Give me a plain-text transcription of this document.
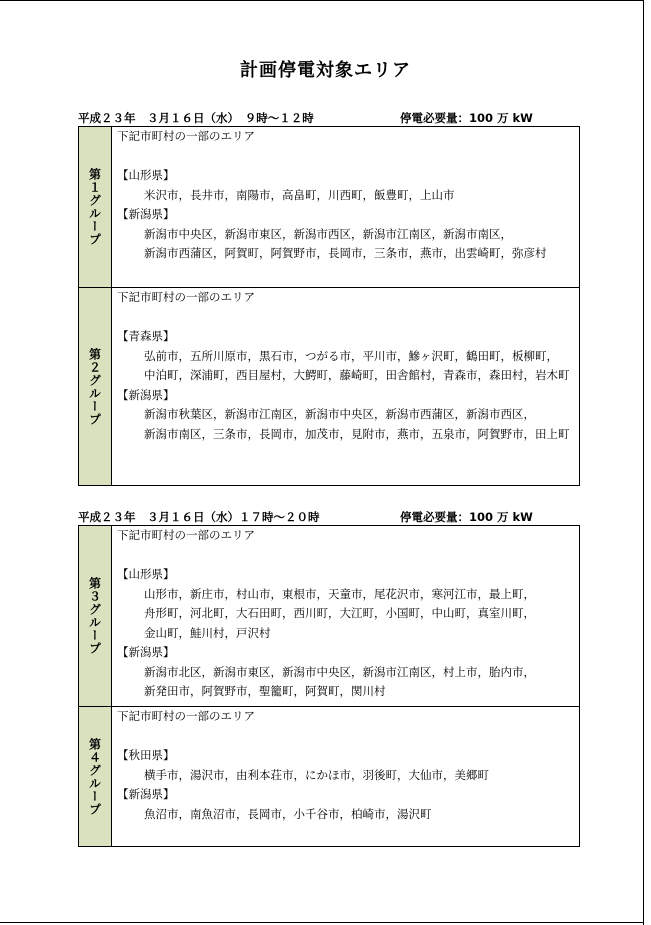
計画停電対象エリア
平成２３年　３月１６日（水）　９時〜１２時	停電必要量：100 万 kW
第１グループ
下記市町村の一部のエリア
【山形県】
米沢市，長井市，南陽市，高畠町，川西町，飯豊町，上山市
【新潟県】
新潟市中央区，新潟市東区，新潟市西区，新潟市江南区，新潟市南区，新潟市西蒲区，阿賀町，阿賀野市，長岡市，三条市，燕市，出雲崎町，弥彦村
第２グループ
下記市町村の一部のエリア
【青森県】
弘前市，五所川原市，黒石市，つがる市，平川市，鰺ヶ沢町，鶴田町，板柳町，中泊町，深浦町，西目屋村，大鰐町，藤崎町，田舎館村，青森市，森田村，岩木町
【新潟県】
新潟市秋葉区，新潟市江南区，新潟市中央区，新潟市西蒲区，新潟市西区，新潟市南区，三条市，長岡市，加茂市，見附市，燕市，五泉市，阿賀野市，田上町
平成２３年　３月１６日（水）１７時〜２０時	停電必要量：100 万 kW
第３グループ
下記市町村の一部のエリア
【山形県】
山形市，新庄市，村山市，東根市，天童市，尾花沢市，寒河江市，最上町，舟形町，河北町，大石田町，西川町，大江町，小国町，中山町，真室川町，金山町，鮭川村，戸沢村
【新潟県】
新潟市北区，新潟市東区，新潟市中央区，新潟市江南区，村上市，胎内市，新発田市，阿賀野市，聖籠町，阿賀町，関川村
第４グループ
下記市町村の一部のエリア
【秋田県】
横手市，湯沢市，由利本荘市，にかほ市，羽後町，大仙市，美郷町
【新潟県】
魚沼市，南魚沼市，長岡市，小千谷市，柏崎市，湯沢町
